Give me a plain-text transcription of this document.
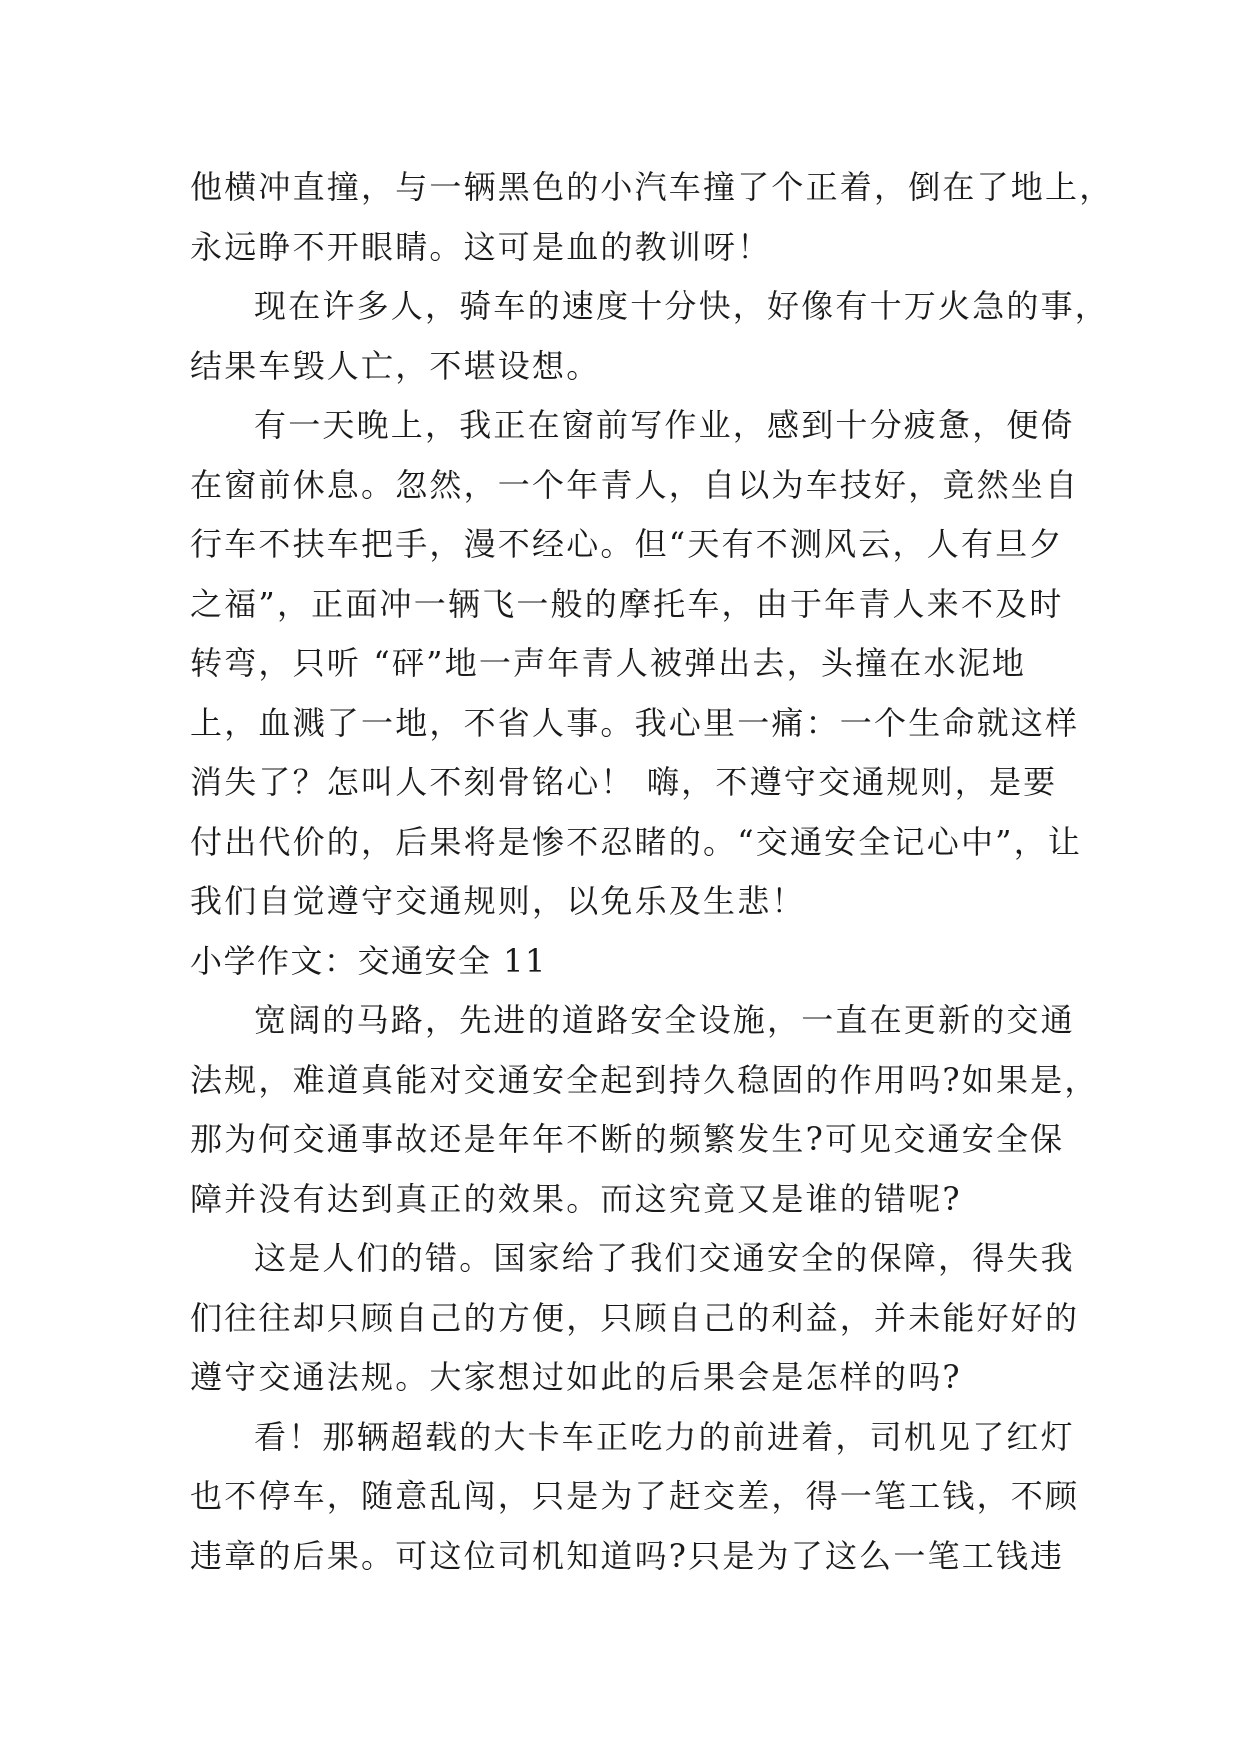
他横冲直撞，与一辆黑色的小汽车撞了个正着，倒在了地上，
永远睁不开眼睛。这可是血的教训呀！
现在许多人，骑车的速度十分快，好像有十万火急的事，
结果车毁人亡，不堪设想。
有一天晚上，我正在窗前写作业，感到十分疲惫，便倚
在窗前休息。忽然，一个年青人，自以为车技好，竟然坐自
行车不扶车把手，漫不经心。但“天有不测风云，人有旦夕
之福”，正面冲一辆飞一般的摩托车，由于年青人来不及时
转弯，只听 “砰”地一声年青人被弹出去，头撞在水泥地
上，血溅了一地，不省人事。我心里一痛：一个生命就这样
消失了？怎叫人不刻骨铭心！ 嗨，不遵守交通规则，是要
付出代价的，后果将是惨不忍睹的。“交通安全记心中”，让
我们自觉遵守交通规则，以免乐及生悲！
小学作文：交通安全 11
宽阔的马路，先进的道路安全设施，一直在更新的交通
法规，难道真能对交通安全起到持久稳固的作用吗?如果是，
那为何交通事故还是年年不断的频繁发生?可见交通安全保
障并没有达到真正的效果。而这究竟又是谁的错呢?
这是人们的错。国家给了我们交通安全的保障，得失我
们往往却只顾自己的方便，只顾自己的利益，并未能好好的
遵守交通法规。大家想过如此的后果会是怎样的吗?
看！那辆超载的大卡车正吃力的前进着，司机见了红灯
也不停车，随意乱闯，只是为了赶交差，得一笔工钱，不顾
违章的后果。可这位司机知道吗?只是为了这么一笔工钱违
